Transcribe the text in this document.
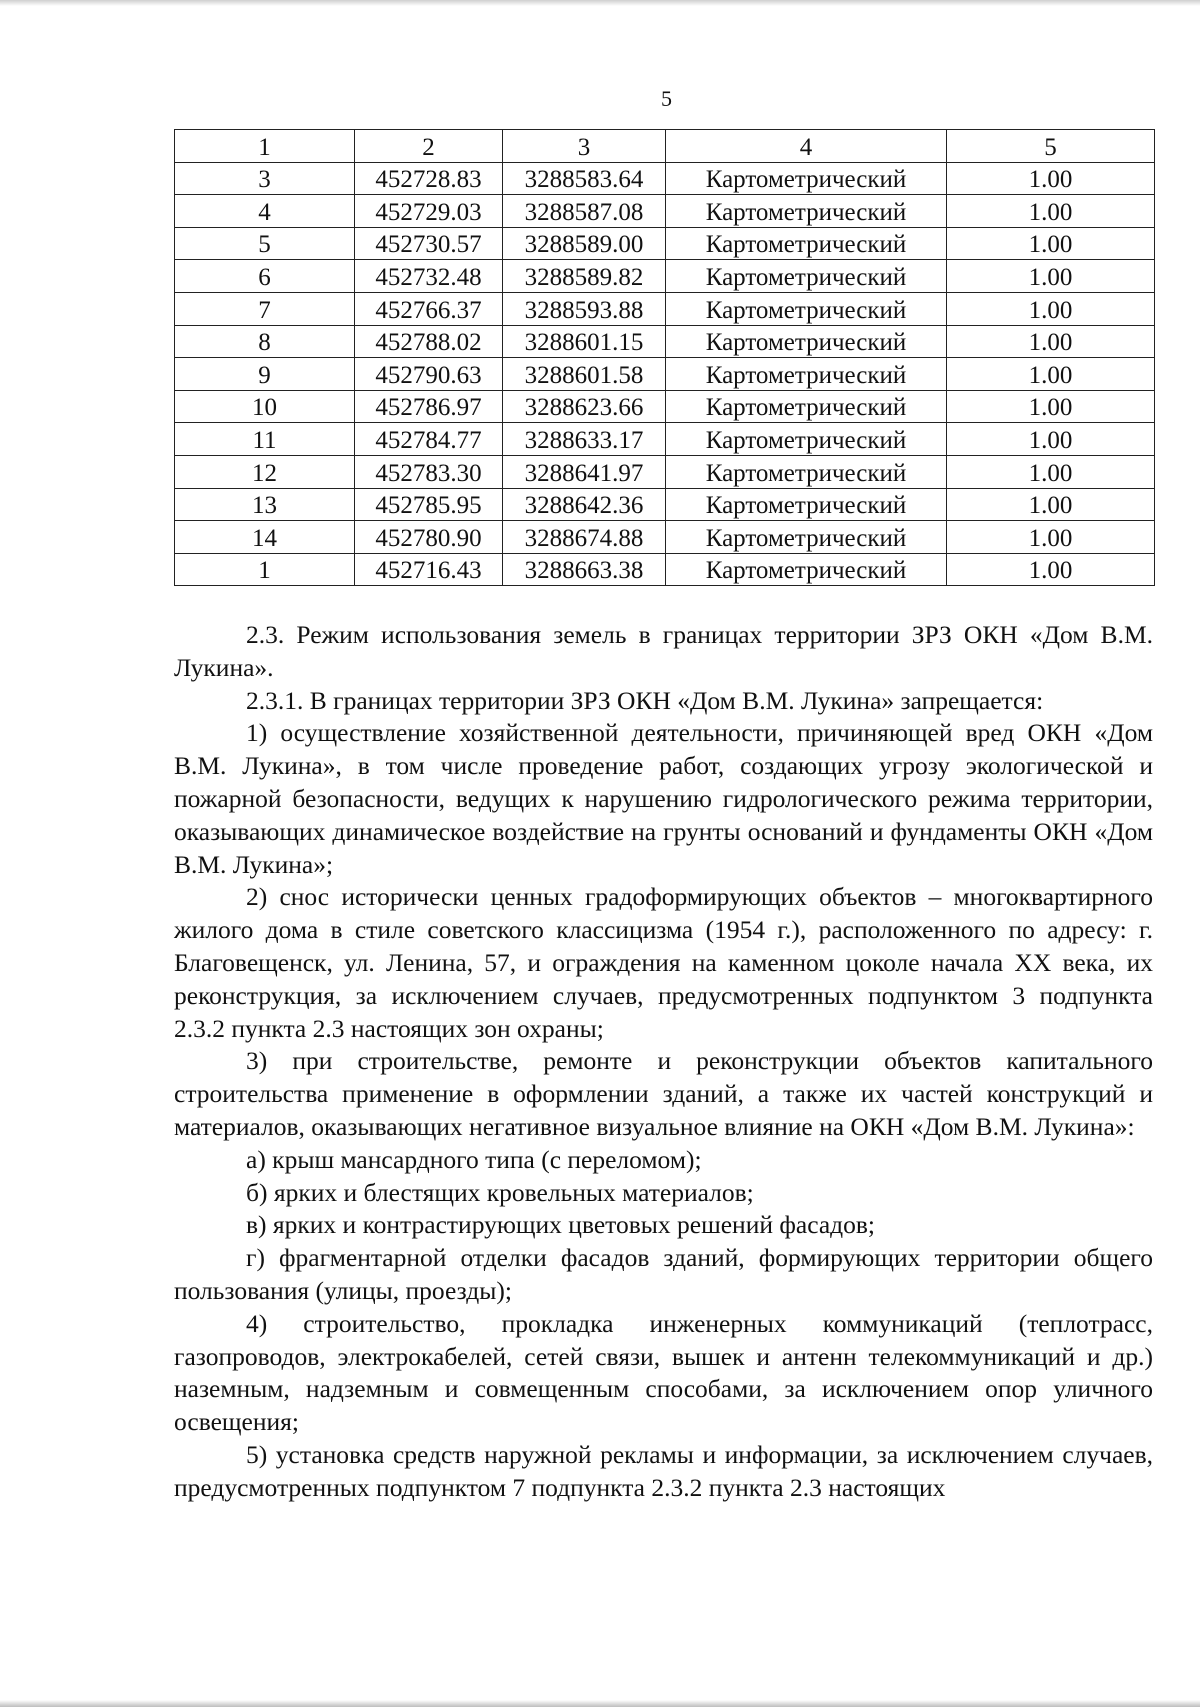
5
1	2	3	4	5
3	452728.83	3288583.64	Картометрический	1.00
4	452729.03	3288587.08	Картометрический	1.00
5	452730.57	3288589.00	Картометрический	1.00
6	452732.48	3288589.82	Картометрический	1.00
7	452766.37	3288593.88	Картометрический	1.00
8	452788.02	3288601.15	Картометрический	1.00
9	452790.63	3288601.58	Картометрический	1.00
10	452786.97	3288623.66	Картометрический	1.00
11	452784.77	3288633.17	Картометрический	1.00
12	452783.30	3288641.97	Картометрический	1.00
13	452785.95	3288642.36	Картометрический	1.00
14	452780.90	3288674.88	Картометрический	1.00
1	452716.43	3288663.38	Картометрический	1.00

2.3. Режим использования земель в границах территории ЗРЗ ОКН «Дом В.М. Лукина».

2.3.1. В границах территории ЗРЗ ОКН «Дом В.М. Лукина» запрещается:

1) осуществление хозяйственной деятельности, причиняющей вред ОКН «Дом В.М. Лукина», в том числе проведение работ, создающих угрозу экологической и пожарной безопасности, ведущих к нарушению гидрологического режима территории, оказывающих динамическое воздействие на грунты оснований и фундаменты ОКН «Дом В.М. Лукина»;

2) снос исторически ценных градоформирующих объектов – многоквартирного жилого дома в стиле советского классицизма (1954 г.), расположенного по адресу: г. Благовещенск, ул. Ленина, 57, и ограждения на каменном цоколе начала XX века, их реконструкция, за исключением случаев, предусмотренных подпунктом 3 подпункта 2.3.2 пункта 2.3 настоящих зон охраны;

3) при строительстве, ремонте и реконструкции объектов капитального строительства применение в оформлении зданий, а также их частей конструкций и материалов, оказывающих негативное визуальное влияние на ОКН «Дом В.М. Лукина»:

а) крыш мансардного типа (с переломом);

б) ярких и блестящих кровельных материалов;

в) ярких и контрастирующих цветовых решений фасадов;

г) фрагментарной отделки фасадов зданий, формирующих территории общего пользования (улицы, проезды);

4) строительство, прокладка инженерных коммуникаций (теплотрасс, газопроводов, электрокабелей, сетей связи, вышек и антенн телекоммуникаций и др.) наземным, надземным и совмещенным способами, за исключением опор уличного освещения;

5) установка средств наружной рекламы и информации, за исключением случаев, предусмотренных подпунктом 7 подпункта 2.3.2 пункта 2.3 настоящих
